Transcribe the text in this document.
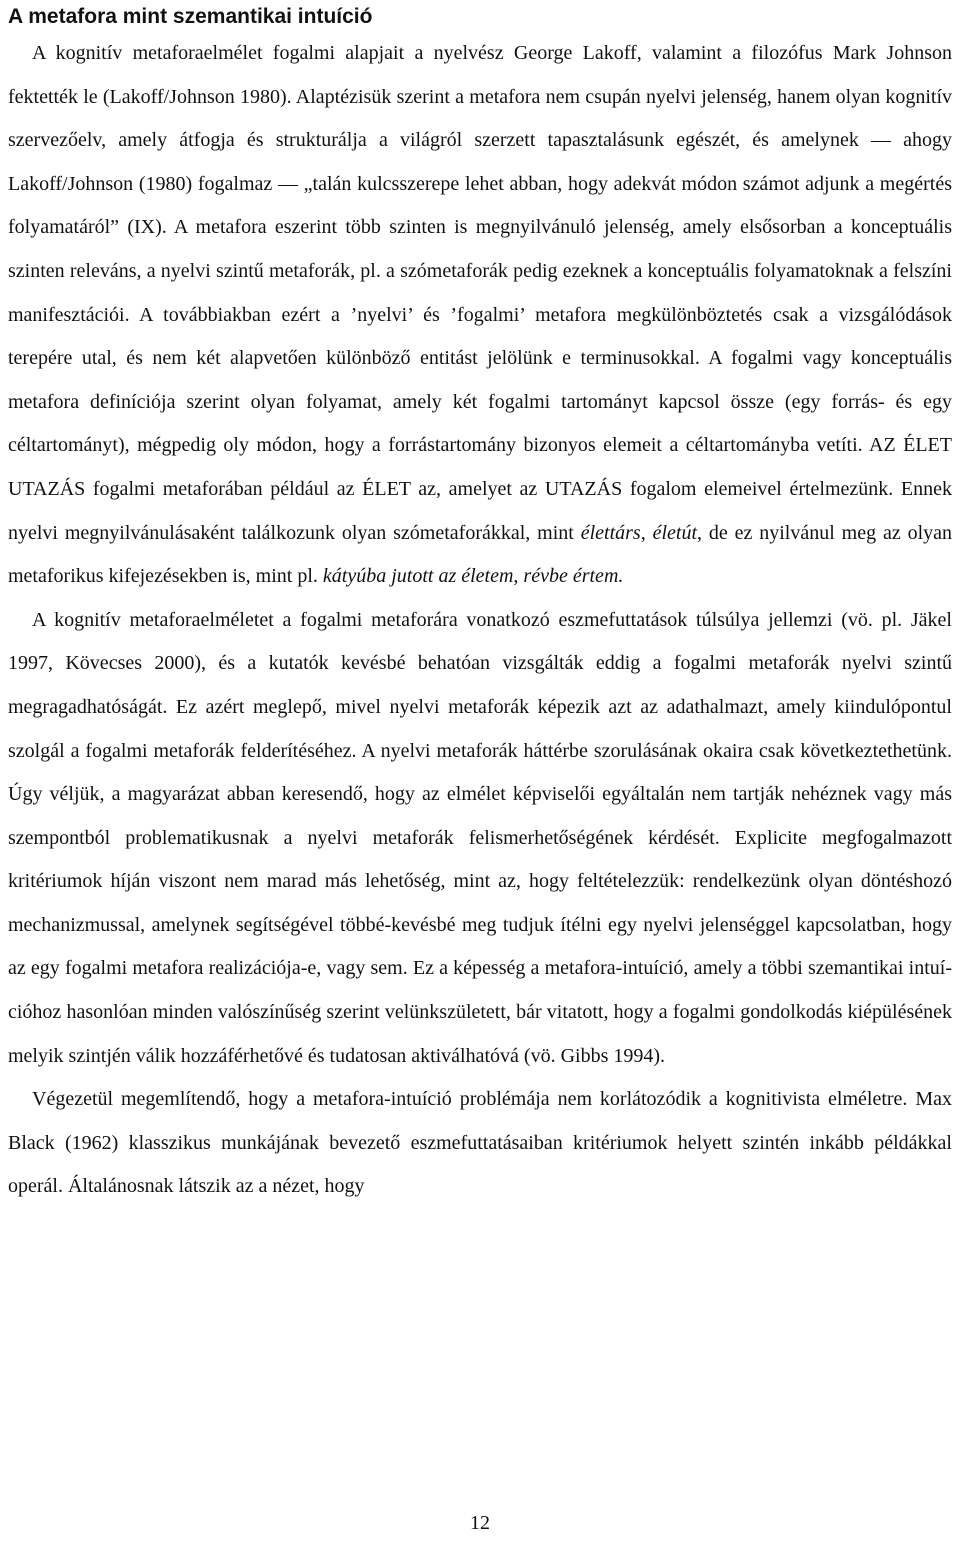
A metafora mint szemantikai intuíció

A kognitív metaforaelmélet fogalmi alapjait a nyelvész George Lakoff, valamint a filozófus Mark Johnson fektették le (Lakoff/Johnson 1980). Alaptézisük szerint a metafora nem csupán nyelvi jelenség, hanem olyan kognitív szervezőelv, amely átfogja és strukturálja a világról szerzett tapasztalásunk egészét, és amelynek — ahogy Lakoff/Johnson (1980) fogalmaz — „talán kulcsszerepe lehet abban, hogy adekvát módon számot adjunk a megértés folyamatáról” (IX). A metafora eszerint több szinten is megnyilvánuló jelenség, amely elsősorban a konceptuális szinten releváns, a nyelvi szintű metaforák, pl. a szómetaforák pedig ezeknek a konceptuális folyamatoknak a felszíni manifesztációi. A továbbiakban ezért a ’nyelvi’ és ’fogalmi’ metafora megkülönböztetés csak a vizsgálódások terepére utal, és nem két alapvetően különböző entitást jelölünk e terminusokkal. A fogalmi vagy konceptuális metafora definíciója szerint olyan folyamat, amely két fogalmi tartományt kapcsol össze (egy forrás- és egy céltartományt), mégpedig oly módon, hogy a forrástartomány bizonyos elemeit a céltartományba vetíti. AZ ÉLET UTAZÁS fogalmi metaforában például az ÉLET az, amelyet az UTAZÁS fogalom elemeivel értelmezünk. Ennek nyelvi megnyilvánulásaként találkozunk olyan szómetaforákkal, mint élettárs, életút, de ez nyilvánul meg az olyan metaforikus kifejezésekben is, mint pl. kátyúba jutott az életem, révbe értem.

A kognitív metaforaelméletet a fogalmi metaforára vonatkozó eszmefuttatások túlsúlya jellemzi (vö. pl. Jäkel 1997, Kövecses 2000), és a kutatók kevésbé behatóan vizsgálták eddig a fogalmi metaforák nyelvi szintű megragadhatóságát. Ez azért meglepő, mivel nyelvi metaforák képezik azt az adathalmazt, amely kiindulópontul szolgál a fogalmi metaforák felderítéséhez. A nyelvi metaforák háttérbe szorulásának okaira csak következtethetünk. Úgy véljük, a magyarázat abban keresendő, hogy az elmélet képviselői egyáltalán nem tartják nehéznek vagy más szempontból problematikusnak a nyelvi metaforák felismerhetőségének kérdését. Explicite megfogalmazott kritériumok híján viszont nem marad más lehetőség, mint az, hogy feltételezzük: rendelkezünk olyan döntéshozó mechanizmussal, amelynek segítségével többé-kevésbé meg tudjuk ítélni egy nyelvi jelenséggel kapcsolatban, hogy az egy fogalmi metafora realizációja-e, vagy sem. Ez a képesség a metafora-intuíció, amely a többi szemantikai intuícióhoz hasonlóan minden valószínűség szerint velünkszületett, bár vitatott, hogy a fogalmi gondolkodás kiépülésének melyik szintjén válik hozzáférhetővé és tudatosan aktiválhatóvá (vö. Gibbs 1994).

Végezetül megemlítendő, hogy a metafora-intuíció problémája nem korlátozódik a kognitivista elméletre. Max Black (1962) klasszikus munkájának bevezető eszmefuttatásaiban kritériumok helyett szintén inkább példákkal operál. Általánosnak látszik az a nézet, hogy

12
